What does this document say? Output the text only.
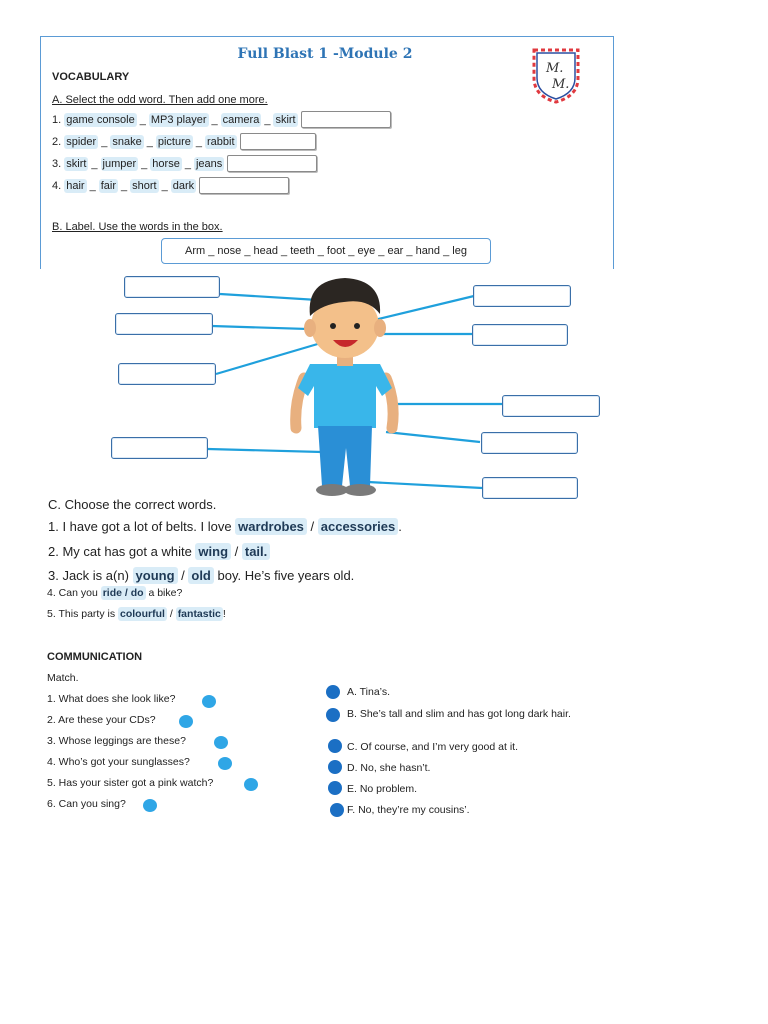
Full Blast 1 -Module 2
M.
M.
VOCABULARY
A. Select the odd word. Then add one more.
1.
game console _ MP3 player _ camera _ skirt
2.
spider _ snake _ picture _ rabbit
3.
skirt _ jumper _ horse _ jeans
4.
hair _ fair _ short _ dark
B. Label. Use the words in the box.
Arm _ nose _ head _ teeth _ foot _ eye _ ear _ hand _ leg
C. Choose the correct words.
1. I have got a lot of belts. I love wardrobes / accessories .
2. My cat has got a white wing / tail.
3. Jack is a(n) young / old boy. He’s five years old.
4. Can you ride / do a bike?
5. This party is colourful / fantastic !
COMMUNICATION
Match.
1. What does she look like?
2. Are these your CDs?
3. Whose leggings are these?
4. Who’s got your sunglasses?
5. Has your sister got a pink watch?
6. Can you sing?
A. Tina’s.
B. She’s tall and slim and has got long dark hair.
C. Of course, and I’m very good at it.
D. No, she hasn’t.
E. No problem.
F. No, they’re my cousins’.
